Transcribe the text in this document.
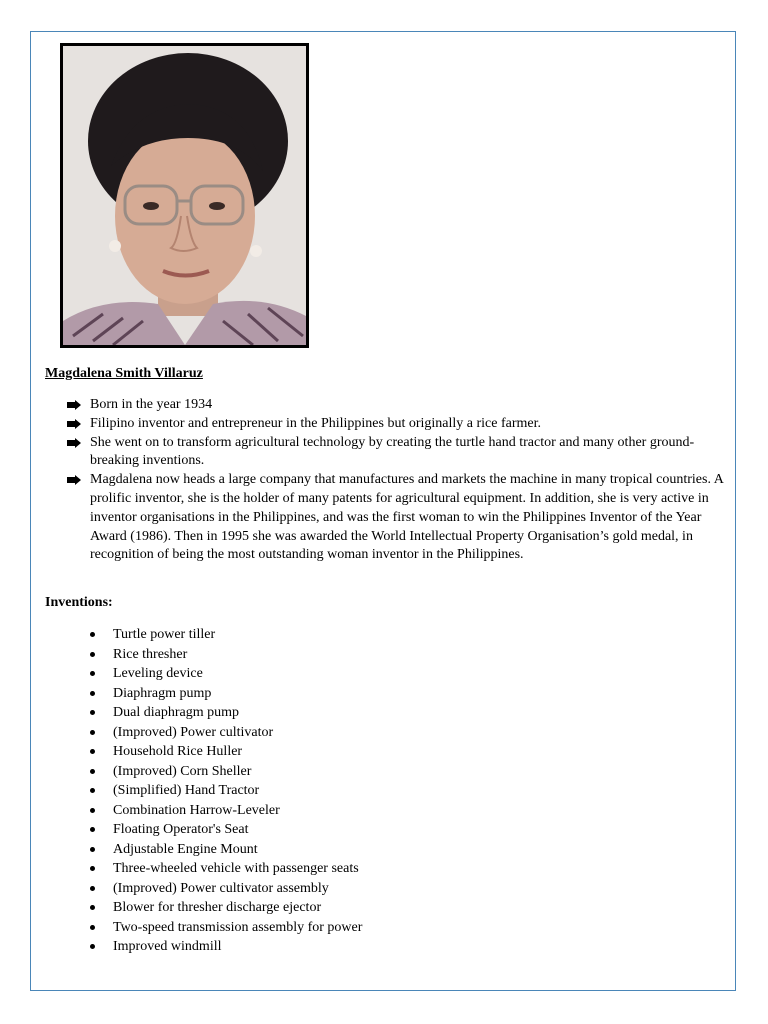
Magdalena Smith Villaruz
Born in the year 1934
Filipino inventor and entrepreneur in the Philippines but originally a rice farmer.
She went on to transform agricultural technology by creating the turtle hand tractor and many other ground-breaking inventions.
Magdalena now heads a large company that manufactures and markets the machine in many tropical countries. A prolific inventor, she is the holder of many patents for agricultural equipment. In addition, she is very active in inventor organisations in the Philippines, and was the first woman to win the Philippines Inventor of the Year Award (1986). Then in 1995 she was awarded the World Intellectual Property Organisation’s gold medal, in recognition of being the most outstanding woman inventor in the Philippines.
Inventions:
Turtle power tiller
Rice thresher
Leveling device
Diaphragm pump
Dual diaphragm pump
(Improved) Power cultivator
Household Rice Huller
(Improved) Corn Sheller
(Simplified) Hand Tractor
Combination Harrow-Leveler
Floating Operator's Seat
Adjustable Engine Mount
Three-wheeled vehicle with passenger seats
(Improved) Power cultivator assembly
Blower for thresher discharge ejector
Two-speed transmission assembly for power
Improved windmill
